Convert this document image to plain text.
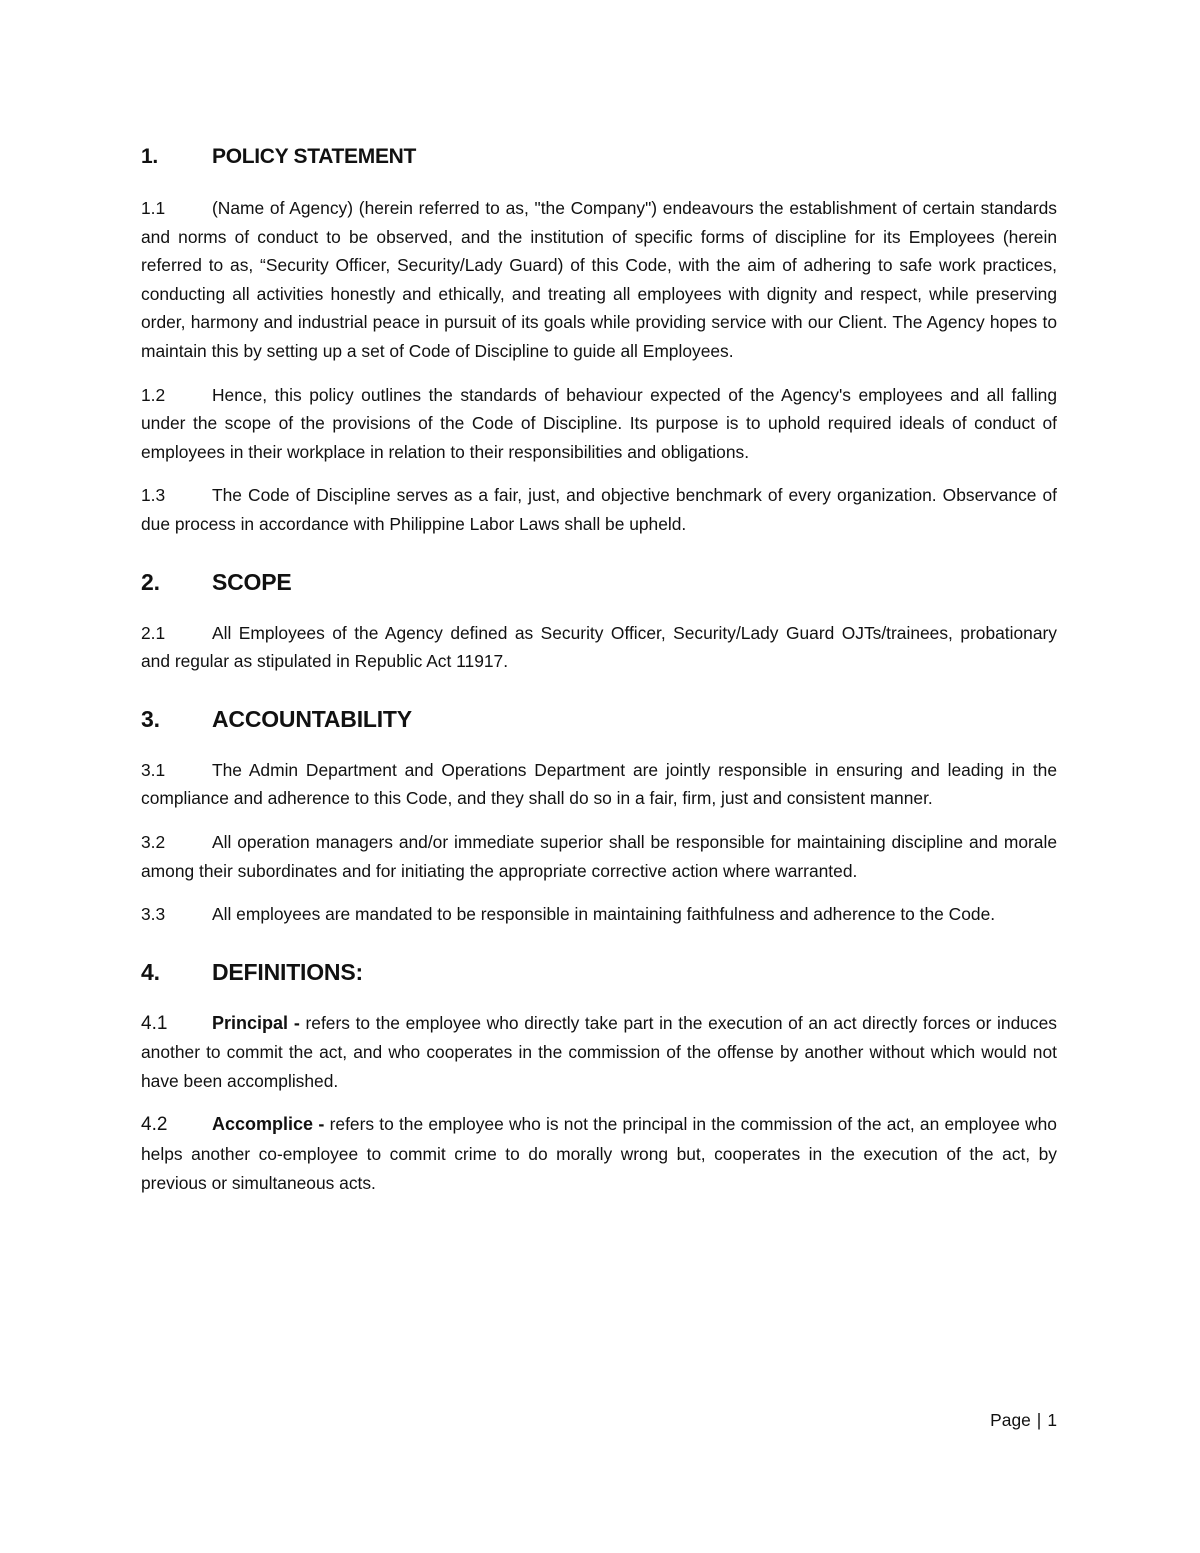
1.	POLICY STATEMENT

1.1	(Name of Agency) (herein referred to as, "the Company") endeavours the establishment of certain standards and norms of conduct to be observed, and the institution of specific forms of discipline for its Employees (herein referred to as, “Security Officer, Security/Lady Guard) of this Code, with the aim of adhering to safe work practices, conducting all activities honestly and ethically, and treating all employees with dignity and respect, while preserving order, harmony and industrial peace in pursuit of its goals while providing service with our Client. The Agency hopes to maintain this by setting up a set of Code of Discipline to guide all Employees.

1.2	Hence, this policy outlines the standards of behaviour expected of the Agency's employees and all falling under the scope of the provisions of the Code of Discipline. Its purpose is to uphold required ideals of conduct of employees in their workplace in relation to their responsibilities and obligations.

1.3	The Code of Discipline serves as a fair, just, and objective benchmark of every organization. Observance of due process in accordance with Philippine Labor Laws shall be upheld.

2.	SCOPE

2.1	All Employees of the Agency defined as Security Officer, Security/Lady Guard OJTs/trainees, probationary and regular as stipulated in Republic Act 11917.

3.	ACCOUNTABILITY

3.1	The Admin Department and Operations Department are jointly responsible in ensuring and leading in the compliance and adherence to this Code, and they shall do so in a fair, firm, just and consistent manner.

3.2	All operation managers and/or immediate superior shall be responsible for maintaining discipline and morale among their subordinates and for initiating the appropriate corrective action where warranted.

3.3	All employees are mandated to be responsible in maintaining faithfulness and adherence to the Code.

4.	DEFINITIONS:

4.1 Principal - refers to the employee who directly take part in the execution of an act directly forces or induces another to commit the act, and who cooperates in the commission of the offense by another without which would not have been accomplished.

4.2 Accomplice - refers to the employee who is not the principal in the commission of the act, an employee who helps another co-employee to commit crime to do morally wrong but, cooperates in the execution of the act, by previous or simultaneous acts.

Page | 1
